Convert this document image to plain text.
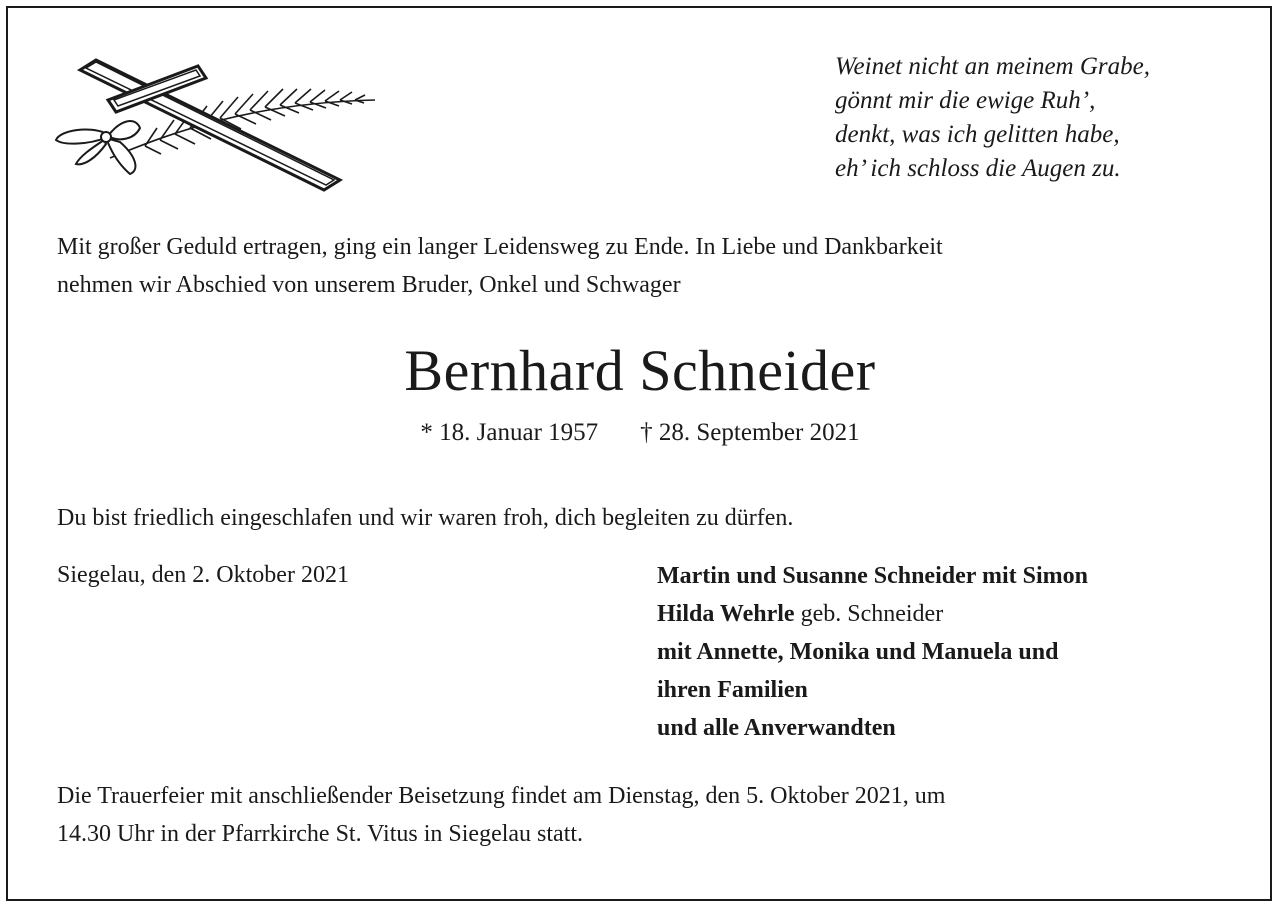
Weinet nicht an meinem Grabe,
gönnt mir die ewige Ruh’,
denkt, was ich gelitten habe,
eh’ ich schloss die Augen zu.
Mit großer Geduld ertragen, ging ein langer Leidensweg zu Ende. In Liebe und Dankbarkeit
nehmen wir Abschied von unserem Bruder, Onkel und Schwager
Bernhard Schneider
* 18. Januar 1957 † 28. September 2021
Du bist friedlich eingeschlafen und wir waren froh, dich begleiten zu dürfen.
Siegelau, den 2. Oktober 2021	Martin und Susanne Schneider mit Simon
Hilda Wehrle geb. Schneider
mit Annette, Monika und Manuela und
ihren Familien
und alle Anverwandten
Die Trauerfeier mit anschließender Beisetzung findet am Dienstag, den 5. Oktober 2021, um
14.30 Uhr in der Pfarrkirche St. Vitus in Siegelau statt.
